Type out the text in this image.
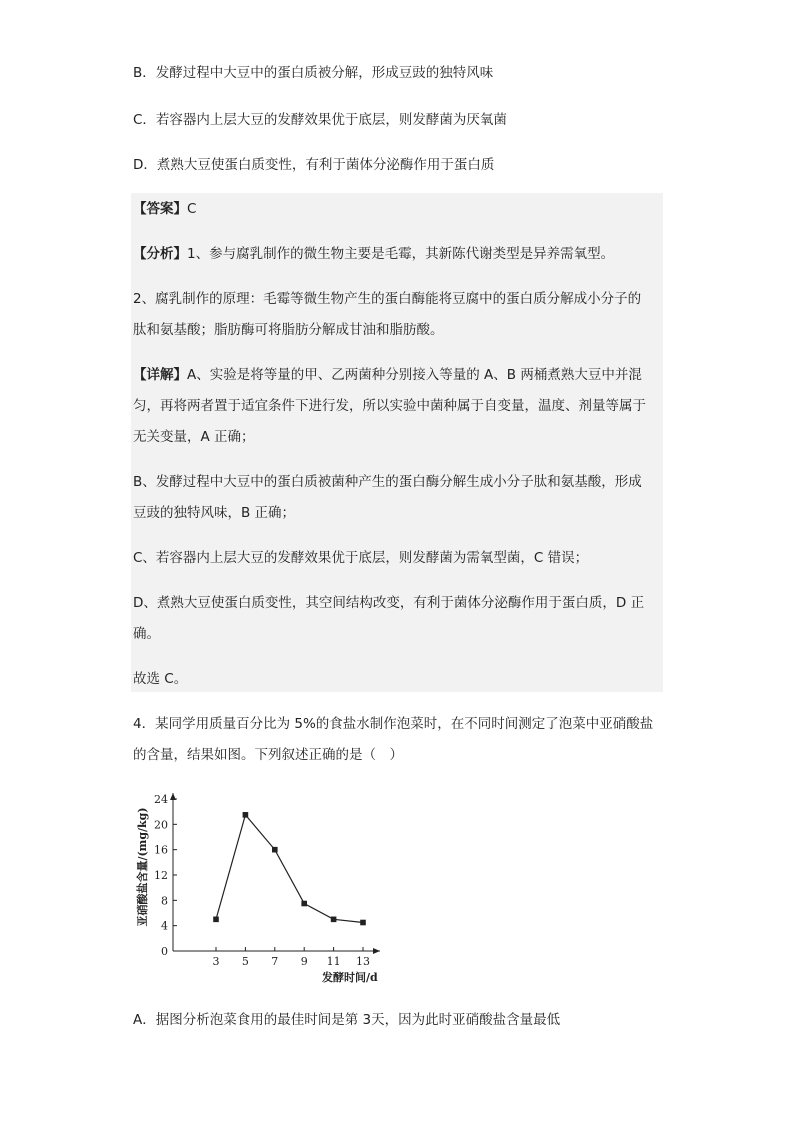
B．发酵过程中大豆中的蛋白质被分解，形成豆豉的独特风味
C．若容器内上层大豆的发酵效果优于底层，则发酵菌为厌氧菌
D．煮熟大豆使蛋白质变性，有利于菌体分泌酶作用于蛋白质
【答案】C
【分析】1、参与腐乳制作的微生物主要是毛霉，其新陈代谢类型是异养需氧型。
2、腐乳制作的原理：毛霉等微生物产生的蛋白酶能将豆腐中的蛋白质分解成小分子的
肽和氨基酸；脂肪酶可将脂肪分解成甘油和脂肪酸。
【详解】A、实验是将等量的甲、乙两菌种分别接入等量的 A、B 两桶煮熟大豆中并混
匀，再将两者置于适宜条件下进行发，所以实验中菌种属于自变量，温度、剂量等属于
无关变量，A 正确；
B、发酵过程中大豆中的蛋白质被菌种产生的蛋白酶分解生成小分子肽和氨基酸，形成
豆豉的独特风味，B 正确；
C、若容器内上层大豆的发酵效果优于底层，则发酵菌为需氧型菌，C 错误；
D、煮熟大豆使蛋白质变性，其空间结构改变，有利于菌体分泌酶作用于蛋白质，D 正
确。
故选 C。
4．某同学用质量百分比为 5%的食盐水制作泡菜时，在不同时间测定了泡菜中亚硝酸盐
的含量，结果如图。下列叙述正确的是（　）
0
4
8
12
16
20
24
3 5 7 9 11 13
亚硝酸盐含量/(mg/kg)
发酵时间/d
A．据图分析泡菜食用的最佳时间是第 3天，因为此时亚硝酸盐含量最低
